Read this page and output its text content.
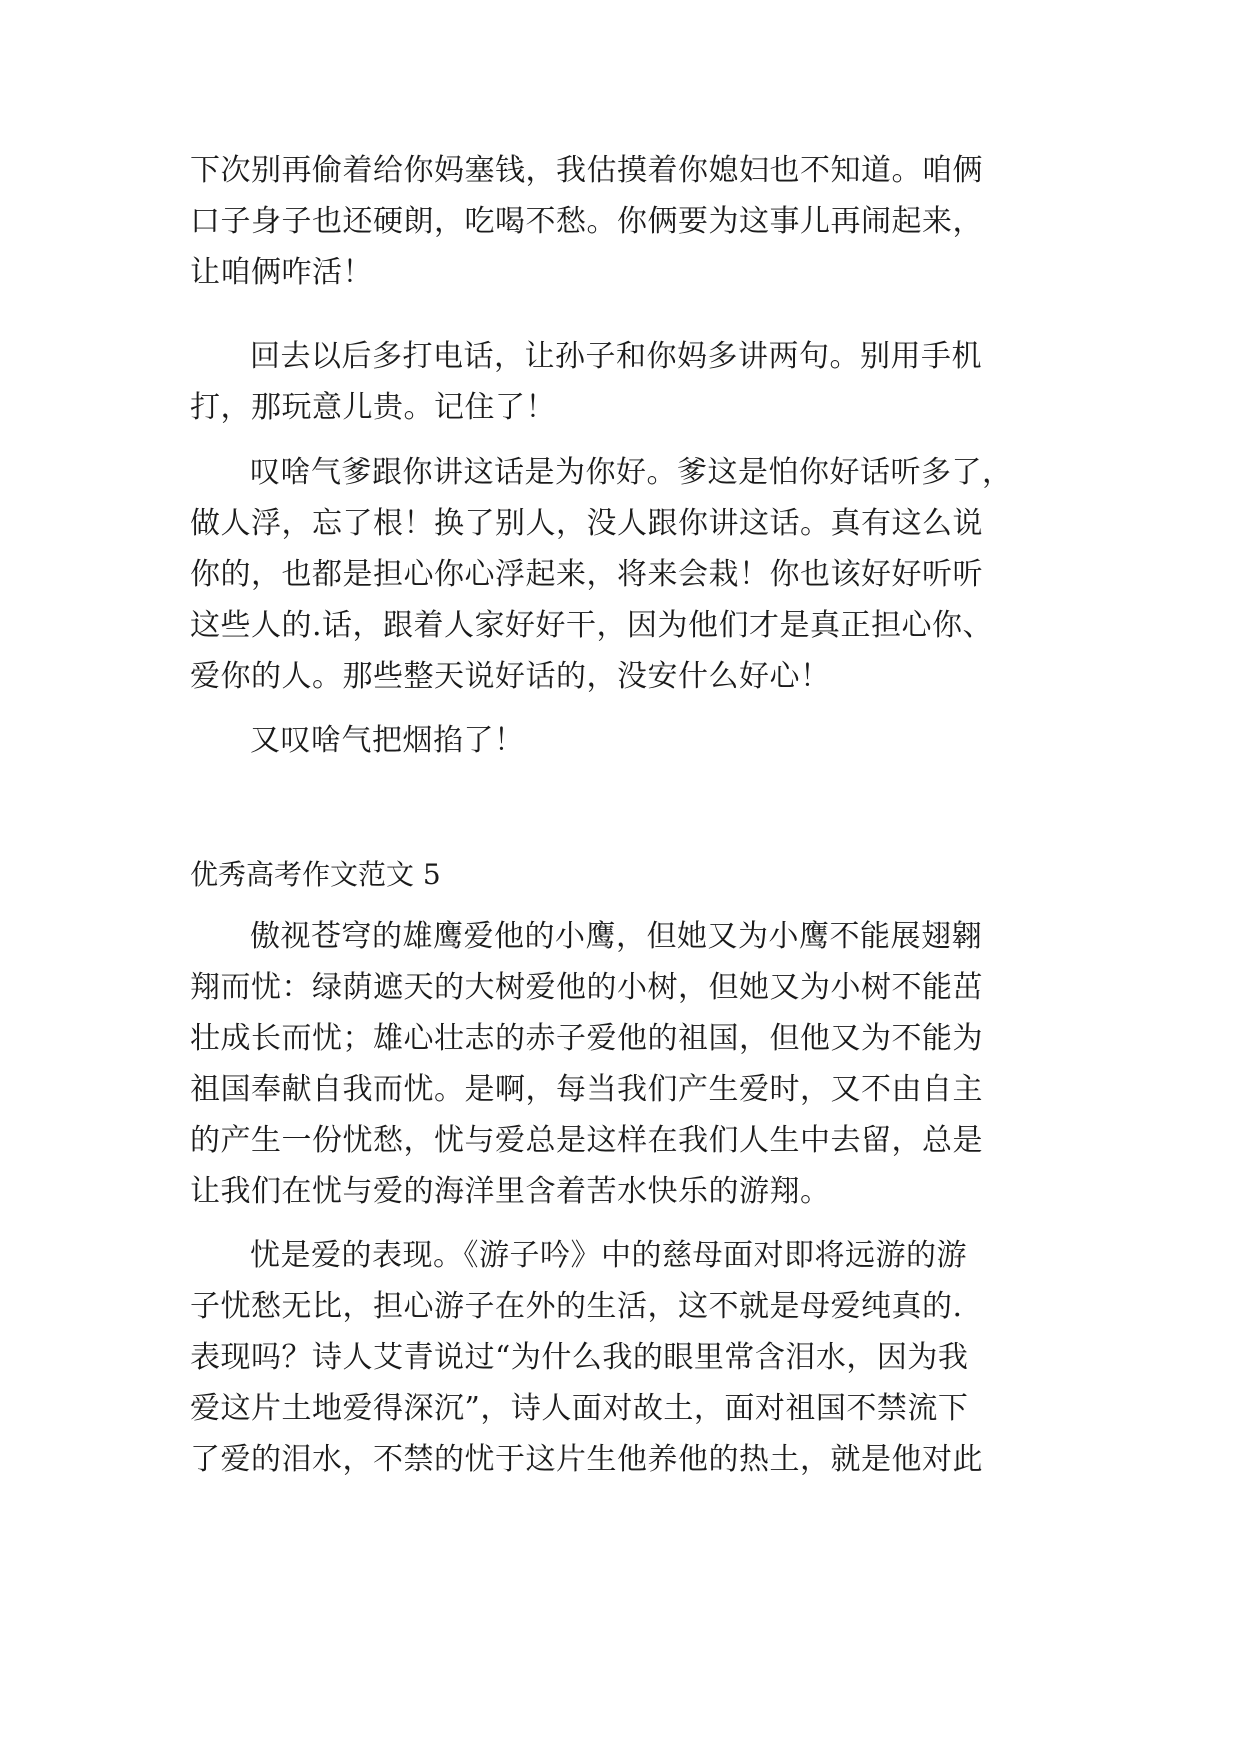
下次别再偷着给你妈塞钱，我估摸着你媳妇也不知道。咱俩
口子身子也还硬朗，吃喝不愁。你俩要为这事儿再闹起来，
让咱俩咋活！
回去以后多打电话，让孙子和你妈多讲两句。别用手机
打，那玩意儿贵。记住了！
叹啥气爹跟你讲这话是为你好。爹这是怕你好话听多了，
做人浮，忘了根！换了别人，没人跟你讲这话。真有这么说
你的，也都是担心你心浮起来，将来会栽！你也该好好听听
这些人的.话，跟着人家好好干，因为他们才是真正担心你、
爱你的人。那些整天说好话的，没安什么好心！
又叹啥气把烟掐了！
优秀高考作文范文 5
傲视苍穹的雄鹰爱他的小鹰，但她又为小鹰不能展翅翱
翔而忧：绿荫遮天的大树爱他的小树，但她又为小树不能茁
壮成长而忧；雄心壮志的赤子爱他的祖国，但他又为不能为
祖国奉献自我而忧。是啊，每当我们产生爱时，又不由自主
的产生一份忧愁，忧与爱总是这样在我们人生中去留，总是
让我们在忧与爱的海洋里含着苦水快乐的游翔。
忧是爱的表现。《游子吟》中的慈母面对即将远游的游
子忧愁无比，担心游子在外的生活，这不就是母爱纯真的.
表现吗？诗人艾青说过“为什么我的眼里常含泪水，因为我
爱这片土地爱得深沉”，诗人面对故土，面对祖国不禁流下
了爱的泪水，不禁的忧于这片生他养他的热土，就是他对此
